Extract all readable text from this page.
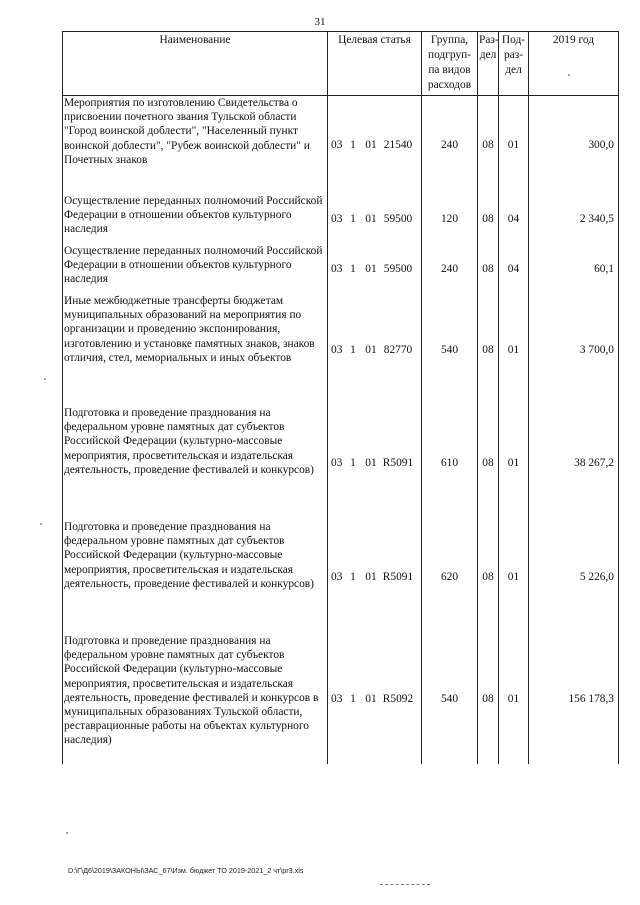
31
Наименование	Целевая статья	Группа, подгруп-па видов расходов	Раз-дел	Под-раз-дел	2019 год
Мероприятия по изготовлению Свидетельства о присвоении почетного звания Тульской области "Город воинской доблести", "Населенный пункт воинской доблести", "Рубеж воинской доблести" и Почетных знаков	03 1 01 21540	240	08	01	300,0
Осуществление переданных полномочий Российской Федерации в отношении объектов культурного наследия	03 1 01 59500	120	08	04	2 340,5
Осуществление переданных полномочий Российской Федерации в отношении объектов культурного наследия	03 1 01 59500	240	08	04	60,1
Иные межбюджетные трансферты бюджетам муниципальных образований на мероприятия по организации и проведению экспонирования, изготовлению и установке памятных знаков, знаков отличия, стел, мемориальных и иных объектов	03 1 01 82770	540	08	01	3 700,0
Подготовка и проведение празднования на федеральном уровне памятных дат субъектов Российской Федерации (культурно-массовые мероприятия, просветительская и издательская деятельность, проведение фестивалей и конкурсов)	03 1 01 R5091	610	08	01	38 267,2
Подготовка и проведение празднования на федеральном уровне памятных дат субъектов Российской Федерации (культурно-массовые мероприятия, просветительская и издательская деятельность, проведение фестивалей и конкурсов)	03 1 01 R5091	620	08	01	5 226,0
Подготовка и проведение празднования на федеральном уровне памятных дат субъектов Российской Федерации (культурно-массовые мероприятия, просветительская и издательская деятельность, проведение фестивалей и конкурсов в муниципальных образованиях Тульской области, реставрационные работы на объектах культурного наследия)	03 1 01 R5092	540	08	01	156 178,3
D:\Г\Д6\2019\ЗАКОНЫ\ЗАС_67\Изм. бюджет ТО 2019-2021_2 чт\pr3.xls
